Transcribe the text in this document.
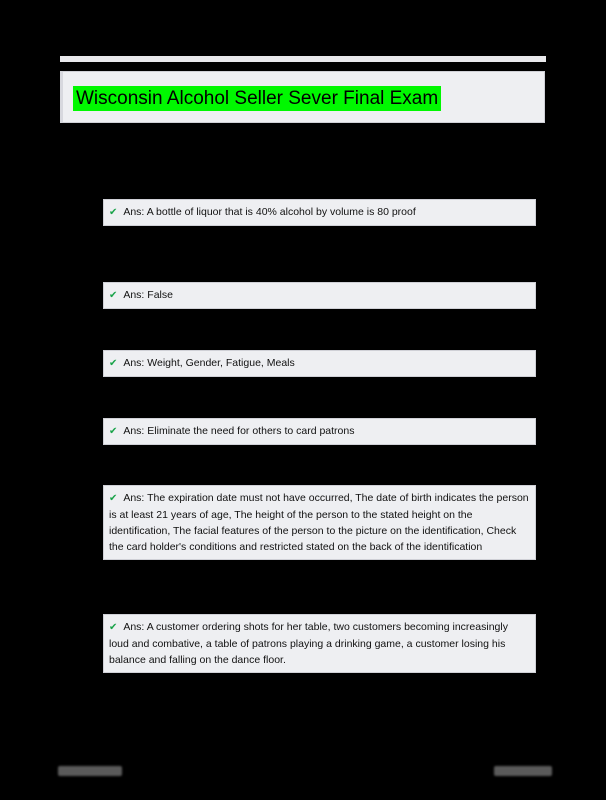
Wisconsin Alcohol Seller Sever Final Exam
✔ Ans: A bottle of liquor that is 40% alcohol by volume is 80 proof
✔ Ans: False
✔ Ans: Weight, Gender, Fatigue, Meals
✔ Ans: Eliminate the need for others to card patrons
✔ Ans: The expiration date must not have occurred, The date of birth indicates the person is at least 21 years of age, The height of the person to the stated height on the identification, The facial features of the person to the picture on the identification, Check the card holder's conditions and restricted stated on the back of the identification
✔ Ans: A customer ordering shots for her table, two customers becoming increasingly loud and combative, a table of patrons playing a drinking game, a customer losing his balance and falling on the dance floor.
